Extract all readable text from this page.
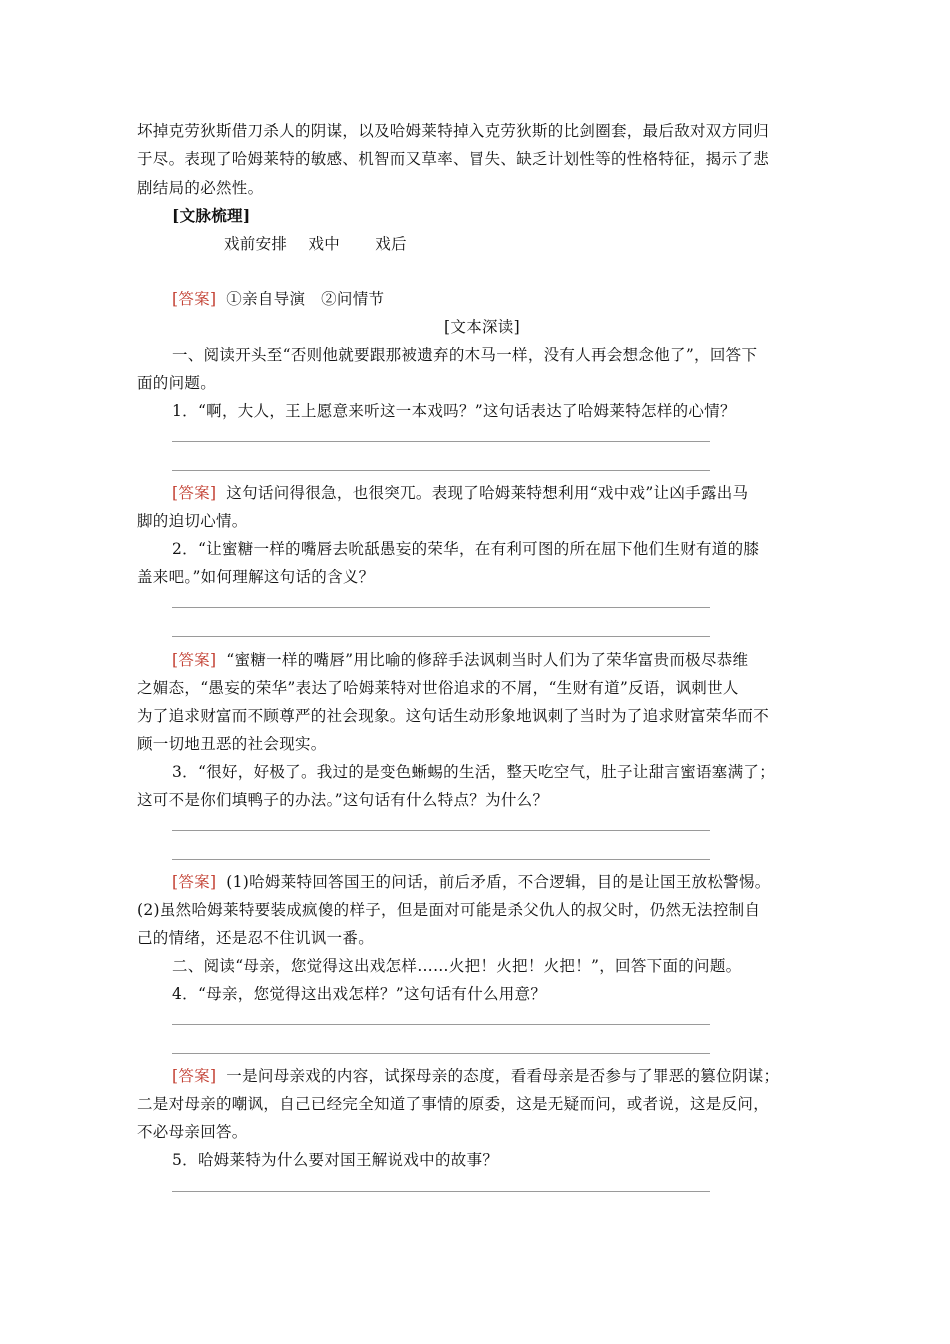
坏掉克劳狄斯借刀杀人的阴谋，以及哈姆莱特掉入克劳狄斯的比剑圈套，最后敌对双方同归
于尽。表现了哈姆莱特的敏感、机智而又草率、冒失、缺乏计划性等的性格特征，揭示了悲
剧结局的必然性。
[文脉梳理]
戏前安排 戏中 戏后
[答案] ①亲自导演　②问情节
[文本深读]
一、阅读开头至“否则他就要跟那被遗弃的木马一样，没有人再会想念他了”，回答下
面的问题。
1．“啊，大人，王上愿意来听这一本戏吗？”这句话表达了哈姆莱特怎样的心情？
[答案] 这句话问得很急，也很突兀。表现了哈姆莱特想利用“戏中戏”让凶手露出马
脚的迫切心情。
2．“让蜜糖一样的嘴唇去吮舐愚妄的荣华，在有利可图的所在屈下他们生财有道的膝
盖来吧。”如何理解这句话的含义？
[答案] “蜜糖一样的嘴唇”用比喻的修辞手法讽刺当时人们为了荣华富贵而极尽恭维
之媚态，“愚妄的荣华”表达了哈姆莱特对世俗追求的不屑，“生财有道”反语，讽刺世人
为了追求财富而不顾尊严的社会现象。这句话生动形象地讽刺了当时为了追求财富荣华而不
顾一切地丑恶的社会现实。
3．“很好，好极了。我过的是变色蜥蜴的生活，整天吃空气，肚子让甜言蜜语塞满了；
这可不是你们填鸭子的办法。”这句话有什么特点？为什么？
[答案] (1)哈姆莱特回答国王的问话，前后矛盾，不合逻辑，目的是让国王放松警惕。
(2)虽然哈姆莱特要装成疯傻的样子，但是面对可能是杀父仇人的叔父时，仍然无法控制自
己的情绪，还是忍不住讥讽一番。
二、阅读“母亲，您觉得这出戏怎样……火把！火把！火把！”，回答下面的问题。
4．“母亲，您觉得这出戏怎样？”这句话有什么用意？
[答案] 一是问母亲戏的内容，试探母亲的态度，看看母亲是否参与了罪恶的篡位阴谋；
二是对母亲的嘲讽，自己已经完全知道了事情的原委，这是无疑而问，或者说，这是反问，
不必母亲回答。
5．哈姆莱特为什么要对国王解说戏中的故事？
